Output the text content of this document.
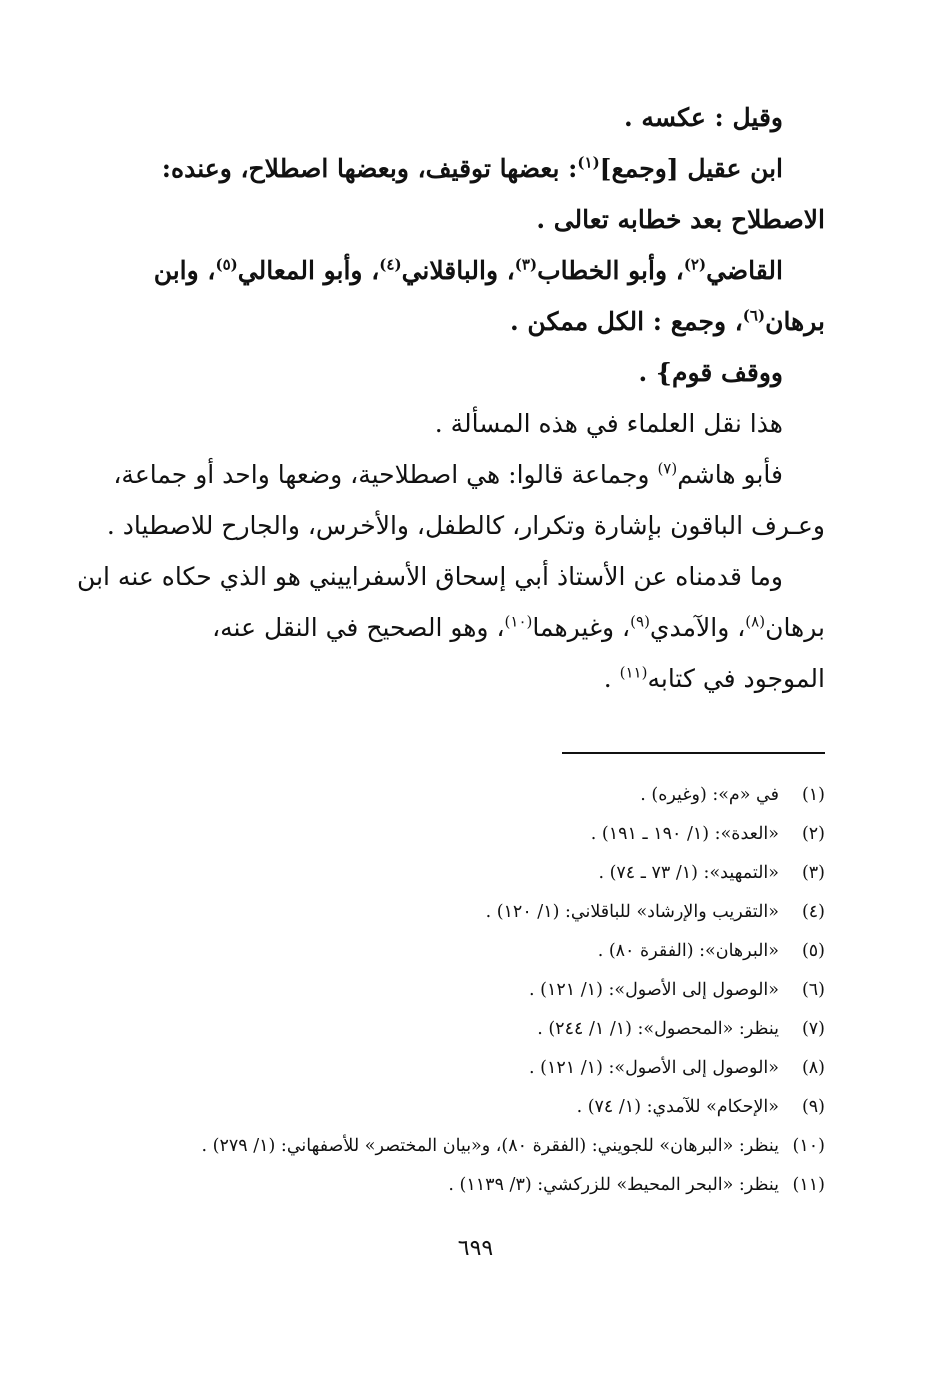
وقيل : عكسه .
ابن عقيل [وجمع]$^{(١)}$: بعضها توقيف، وبعضها اصطلاح، وعنده:
الاصطلاح بعد خطابه تعالى .
القاضي$^{(٢)}$، وأبو الخطاب$^{(٣)}$، والباقلاني$^{(٤)}$، وأبو المعالي$^{(٥)}$، وابن
برهان$^{(٦)}$، وجمع : الكل ممكن .
ووقف قوم} .
هذا نقل العلماء في هذه المسألة .
فأبو هاشم$^{(٧)}$ وجماعة قالوا: هي اصطلاحية، وضعها واحد أو جماعة،
وعـرف الباقون بإشارة وتكرار، كالطفل، والأخرس، والجارح للاصطياد .
وما قدمناه عن الأستاذ أبي إسحاق الأسفراييني هو الذي حكاه عنه ابن
برهان$^{(٨)}$، والآمدي$^{(٩)}$، وغيرهما$^{(١٠)}$، وهو الصحيح في النقل عنه،
الموجود في كتابه$^{(١١)}$ .
(١)في «م»: (وغيره) .
(٢)«العدة»: (١/ ١٩٠ ـ ١٩١) .
(٣)«التمهيد»: (١/ ٧٣ ـ ٧٤) .
(٤)«التقريب والإرشاد» للباقلاني: (١/ ١٢٠) .
(٥)«البرهان»: (الفقرة ٨٠) .
(٦)«الوصول إلى الأصول»: (١/ ١٢١) .
(٧)ينظر: «المحصول»: (١/ ١/ ٢٤٤) .
(٨)«الوصول إلى الأصول»: (١/ ١٢١) .
(٩)«الإحكام» للآمدي: (١/ ٧٤) .
(١٠)ينظر: «البرهان» للجويني: (الفقرة ٨٠)، و«بيان المختصر» للأصفهاني: (١/ ٢٧٩) .
(١١)ينظر: «البحر المحيط» للزركشي: (٣/ ١١٣٩) .
٦٩٩
